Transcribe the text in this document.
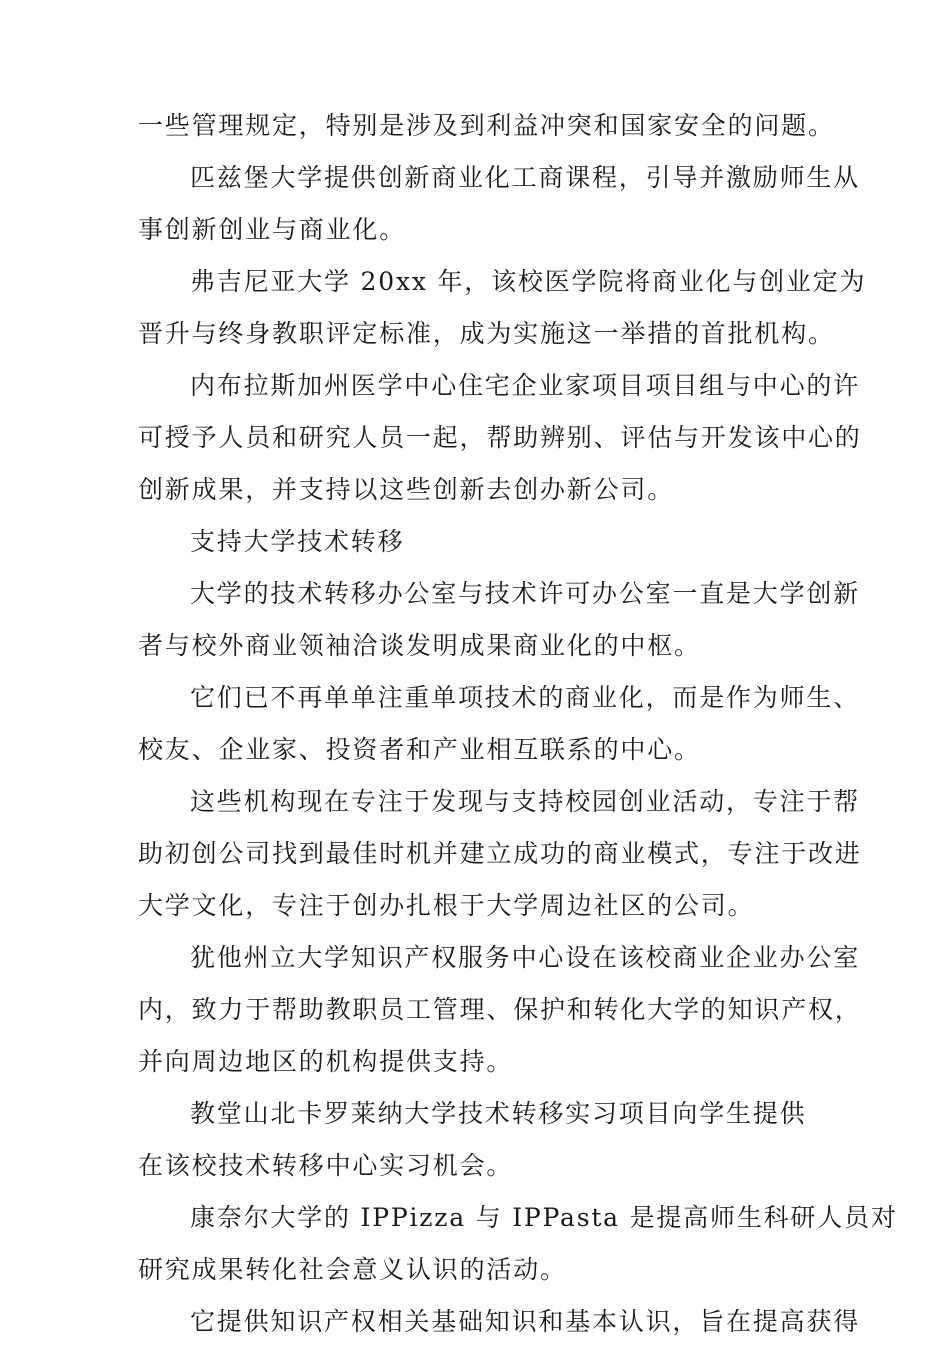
一些管理规定，特别是涉及到利益冲突和国家安全的问题。

匹兹堡大学提供创新商业化工商课程，引导并激励师生从
事创新创业与商业化。

弗吉尼亚大学 20xx 年，该校医学院将商业化与创业定为
晋升与终身教职评定标准，成为实施这一举措的首批机构。

内布拉斯加州医学中心住宅企业家项目项目组与中心的许
可授予人员和研究人员一起，帮助辨别、评估与开发该中心的
创新成果，并支持以这些创新去创办新公司。

支持大学技术转移

大学的技术转移办公室与技术许可办公室一直是大学创新
者与校外商业领袖洽谈发明成果商业化的中枢。

它们已不再单单注重单项技术的商业化，而是作为师生、
校友、企业家、投资者和产业相互联系的中心。

这些机构现在专注于发现与支持校园创业活动，专注于帮
助初创公司找到最佳时机并建立成功的商业模式，专注于改进
大学文化，专注于创办扎根于大学周边社区的公司。

犹他州立大学知识产权服务中心设在该校商业企业办公室
内，致力于帮助教职员工管理、保护和转化大学的知识产权，
并向周边地区的机构提供支持。

教堂山北卡罗莱纳大学技术转移实习项目向学生提供
在该校技术转移中心实习机会。

康奈尔大学的 IPPizza 与 IPPasta 是提高师生科研人员对
研究成果转化社会意义认识的活动。

它提供知识产权相关基础知识和基本认识，旨在提高获得
